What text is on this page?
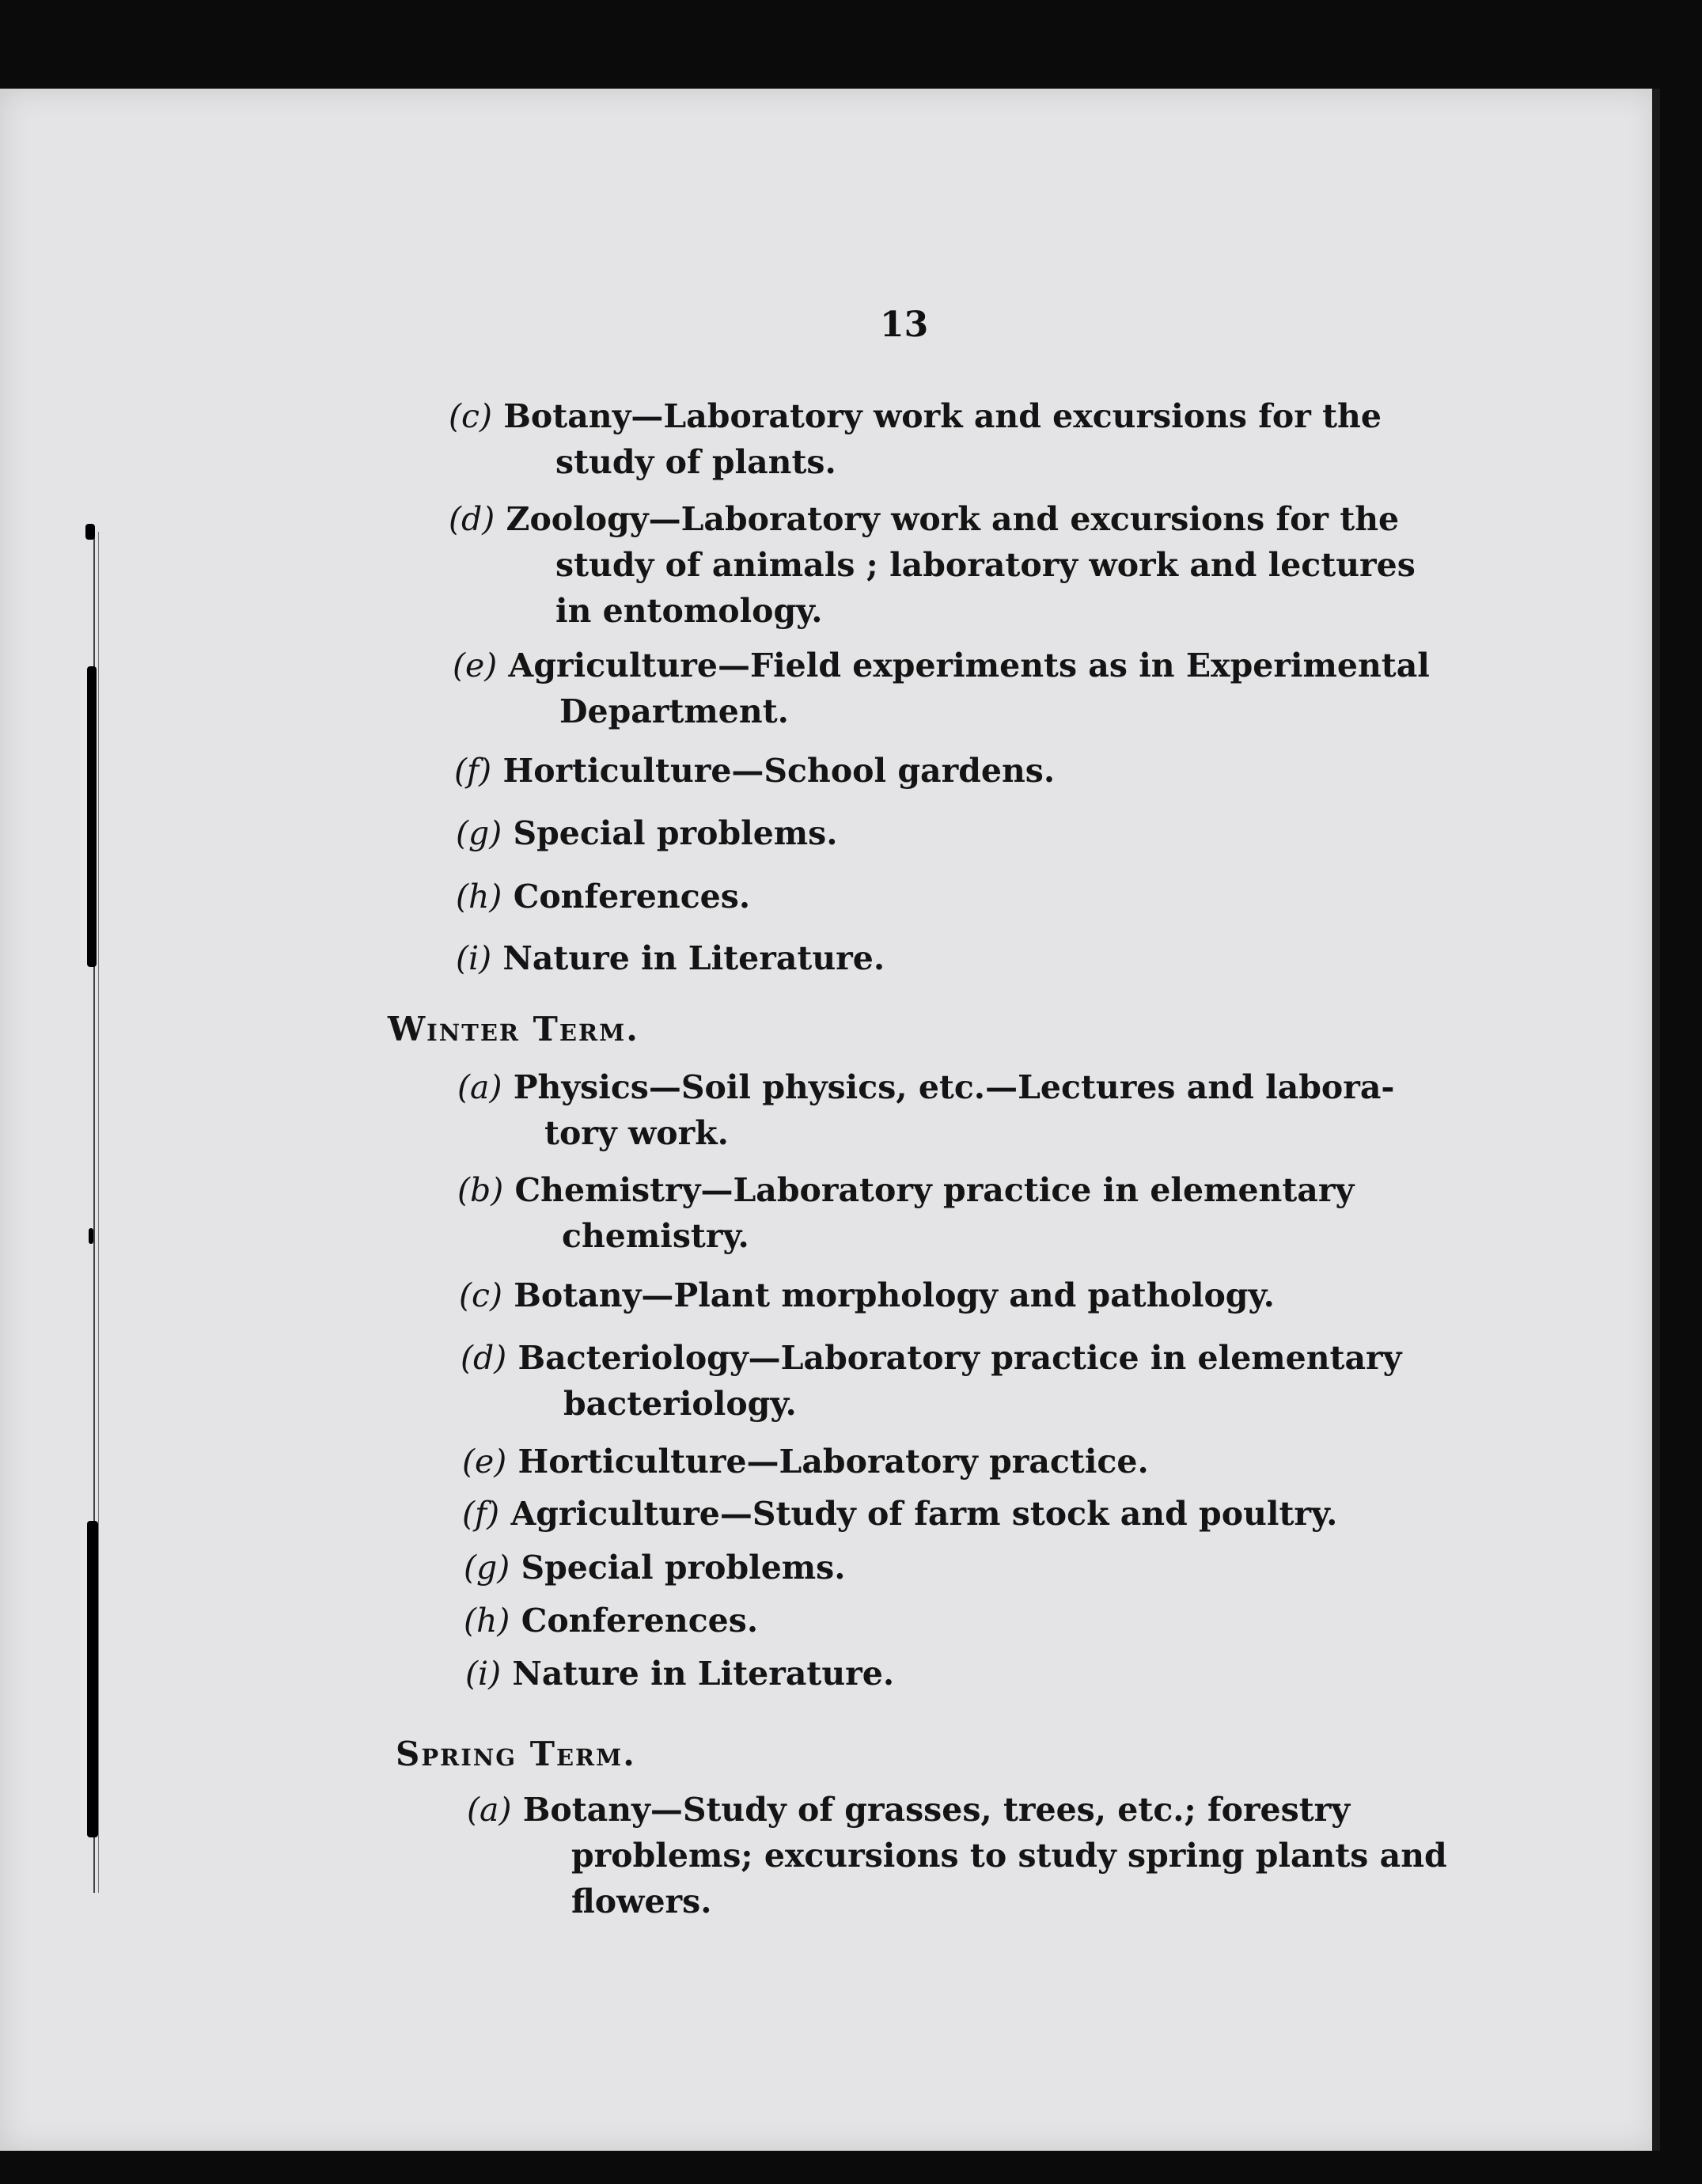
13
(c) Botany—Laboratory work and excursions for the
study of plants.
(d) Zoology—Laboratory work and excursions for the
study of animals ; laboratory work and lectures
in entomology.
(e) Agriculture—Field experiments as in Experimental
Department.
(f) Horticulture—School gardens.
(g) Special problems.
(h) Conferences.
(i) Nature in Literature.
Winter Term.
(a) Physics—Soil physics, etc.—Lectures and labora-
tory work.
(b) Chemistry—Laboratory practice in elementary
chemistry.
(c) Botany—Plant morphology and pathology.
(d) Bacteriology—Laboratory practice in elementary
bacteriology.
(e) Horticulture—Laboratory practice.
(f) Agriculture—Study of farm stock and poultry.
(g) Special problems.
(h) Conferences.
(i) Nature in Literature.
Spring Term.
(a) Botany—Study of grasses, trees, etc.; forestry
problems; excursions to study spring plants and
flowers.
